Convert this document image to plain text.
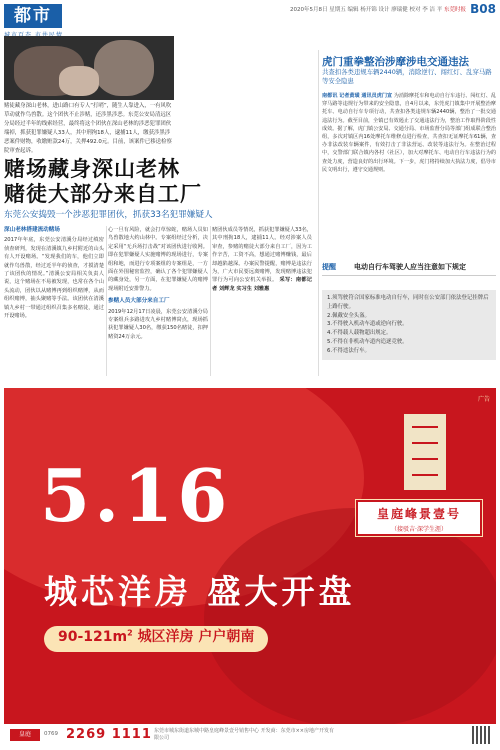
都市	2020年5月8日 星期五 编辑 杨开锦 设计 廖瑞健 校对 李 洁 平 东莞时报 B08
赌徒藏身深山老林，进山路口有专人“打哨”，随生人靠进入，一有风吹草动就作鸟兽散。这个团伙不止涉赌，还涉黑涉恶。东莞公安局清远区分局经过半年的线索经营，最终将这个团伙在深山老林的涉恶犯罪团伙端掉，抓获犯罪嫌疑人33人，其中刑拘18人，逮捕11人，缴获涉黑涉恶案件财物，收缴赃款24万，关押492.0元。目前，该案件已移送检察院审查起诉。
赌场藏身深山老林
赌徒大部分来自工厂
东莞公安捣毁一个涉恶犯罪团伙，抓获33名犯罪嫌疑人
深山老林搭建流动赌场
2017年年底，东莞公安清溪分局经过缜密侦查研判，发现在清溪镇九乡村附近的山头有人开设赌场。“发现我们的车，他们立即就作鸟兽散，经过近半年的侦查，才摸清楚了该团伙的情况。”清溪公安局相关负责人说，这个赌场在不易被发现，也常在各个山头流动，团伙以从赌博再到组织赌博，从而组织赌博，抽头聚赌等手法。该团伙在清溪镇九乡村一带通过组织召集多名赌徒，通过开设赌场。
心一旦有风险，就会打草惊蛇，赌场人员如鸟兽散地大约山林中。专案组经过分析，决定采用“无兵场打击战”对该团伙进行收网。即在犯罪嫌疑人实施赌博的现场进行，专案组和地，而进行专项案组的专案组是，一方面在外围秘密监控，确认了各个犯罪嫌疑人的藏身处，另一方面，在犯罪嫌疑人的赌博现场附近安排警力。
参赌人员大部分来自工厂
2019年12月17日凌晨，东莞公安清溪分局专案组兵多路进攻九乡村赌博窝点，现场抓获犯罪嫌疑人30名，缴获150名赌徒，扣押赌资24万余元。
赌团伙成员等情况，抓获犯罪嫌疑人33名，其中刑拘18人，逮捕11人。经对涉案人员审查，参赌的赌徒大部分来自工厂，因为工作辛苦，工资不高，想通过赌博赚钱，最后却越陷越深。办案民警提醒，赌博是违法行为，广大市民要远离赌博，发现赌博违法犯罪行为可向公安机关举报。 采写：南都记者 刘辉龙 实习生 刘雅惠
虎门重拳整治涉摩涉电交通违法
共查扣各类违规车辆2440辆，消除逆行、闯红灯、乱穿马路等安全隐患
南都讯 记者黄璜 通讯员虎门宣 为消除摩托车和电动自行车违行、闯红灯、乱穿马路等违规行为带来的安全隐患，自4月以来，东莞虎门镇集中开展整治摩托车、电动自行车专项行动，共查扣各类违规车辆2440辆，整治了一批交通违法行为。截至目前，全镇已有效遏止了交通违法行为，整治工作取得阶段性成效。据了解，虎门镇公安局、交通分局、市场监督分局等部门组成联合整治组，多次对镇区内16处摩托车维修点进行检查，共查扣无证摩托车61辆，查办非法改装车辆案件，有效打击了非法营运、改装等违法行为。在整治过程中，交警部门联合镇内各村（社区），加大对摩托车、电动自行车违法行为的查处力度，营造良好的出行环境。下一步，虎门将持续加大执法力度，倡导市民文明出行，遵守交通规则。
提醒	电动自行车驾驶人应当注意如下规定
1.须驾驶符合国家标准电动自行车，同时在公安部门依法登记挂牌后上路行驶。
2.佩戴安全头盔。
3.不得驶入机动车道或逆向行驶。
4.不得载人载物超出规定。
5.不得在非机动车道内追逐竞驶。
6.不得违法行车。
广告
皇庭峰景壹号
（接驳吉·深学生涯）
5.16
城芯洋房 盛大开盘
$90-121m^2$ 城区洋房 户户朝南
皇庭	0769 2269 1111 东莞市城东街道东城中路皇庭峰景壹号销售中心 开发商：东莞市××房地产开发有限公司
